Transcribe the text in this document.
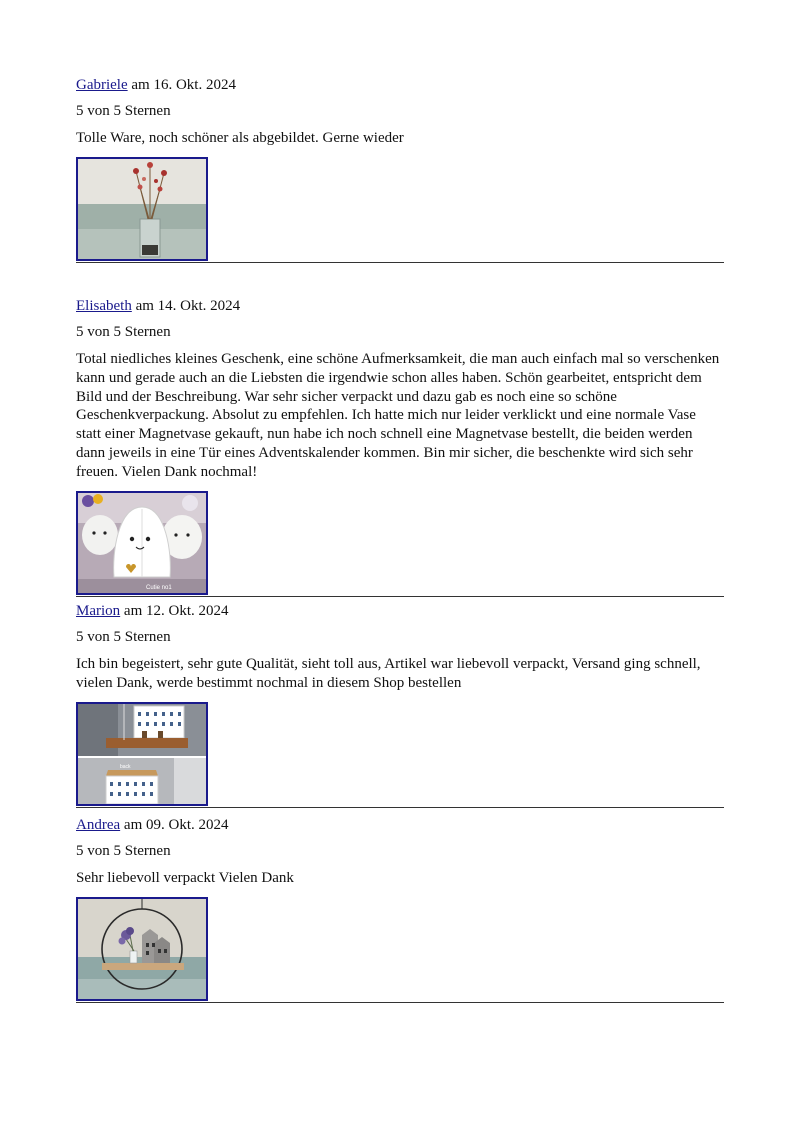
Gabriele am 16. Okt. 2024

5 von 5 Sternen

Tolle Ware, noch schöner als abgebildet. Gerne wieder

Elisabeth am 14. Okt. 2024

5 von 5 Sternen

Total niedliches kleines Geschenk, eine schöne Aufmerksamkeit, die man auch einfach mal so verschenken kann und gerade auch an die Liebsten die irgendwie schon alles haben. Schön gearbeitet, entspricht dem Bild und der Beschreibung. War sehr sicher verpackt und dazu gab es noch eine so schöne Geschenkverpackung. Absolut zu empfehlen. Ich hatte mich nur leider verklickt und eine normale Vase statt einer Magnetvase gekauft, nun habe ich noch schnell eine Magnetvase bestellt, die beiden werden dann jeweils in eine Tür eines Adventskalender kommen. Bin mir sicher, die beschenkte wird sich sehr freuen. Vielen Dank nochmal!

Cutie no1

Marion am 12. Okt. 2024

5 von 5 Sternen

Ich bin begeistert, sehr gute Qualität, sieht toll aus, Artikel war liebevoll verpackt, Versand ging schnell, vielen Dank, werde bestimmt nochmal in diesem Shop bestellen

back

Andrea am 09. Okt. 2024

5 von 5 Sternen

Sehr liebevoll verpackt Vielen Dank
